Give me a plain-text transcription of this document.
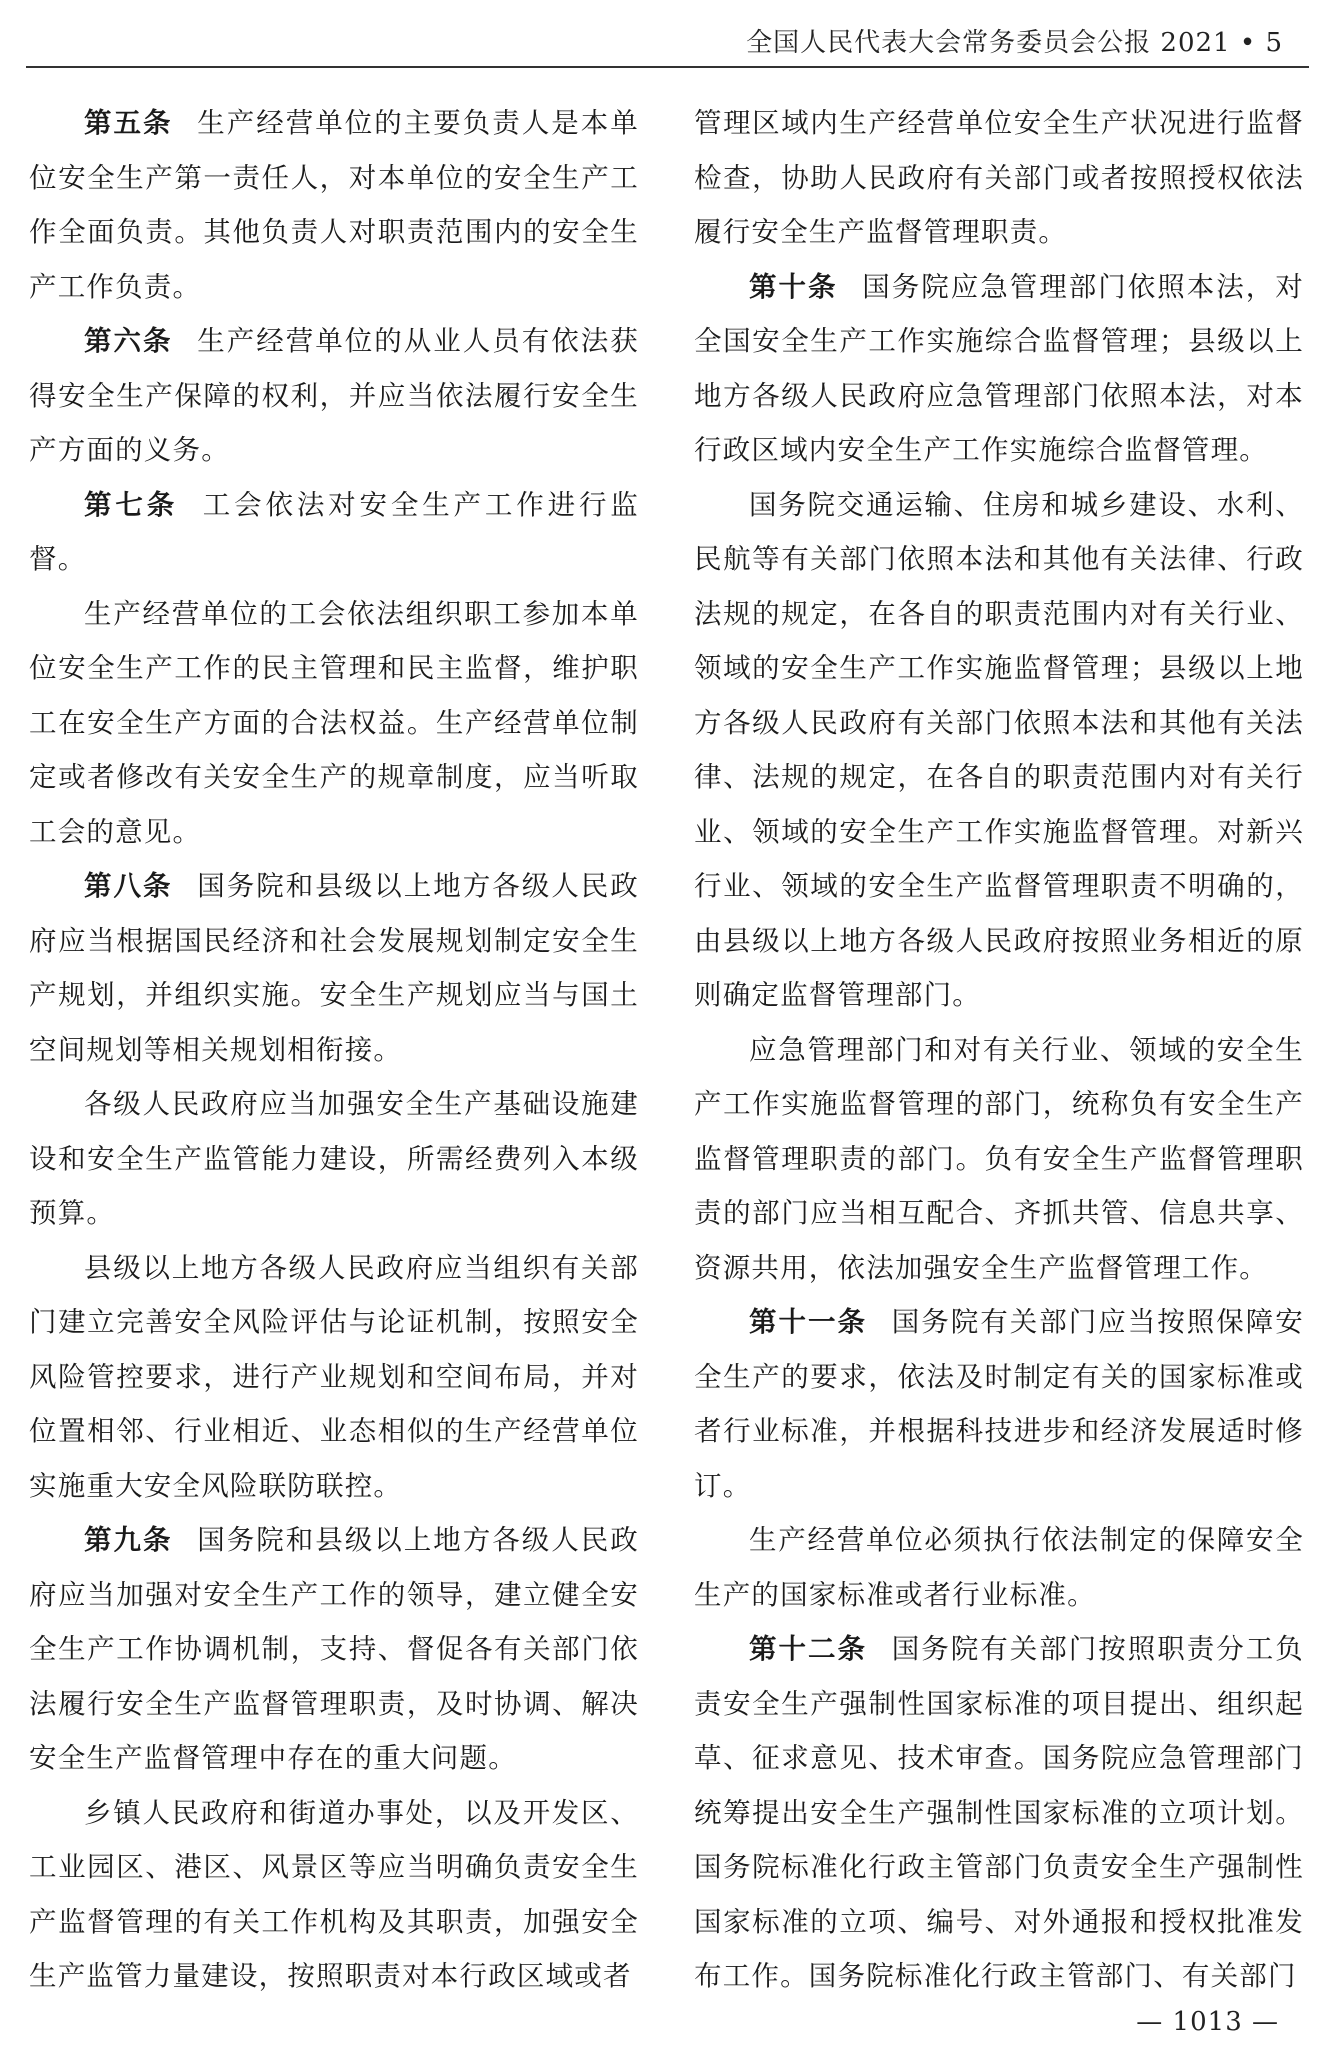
全国人民代表大会常务委员会公报 2021 • 5

第五条 生产经营单位的主要负责人是本单位安全生产第一责任人，对本单位的安全生产工作全面负责。其他负责人对职责范围内的安全生产工作负责。

第六条 生产经营单位的从业人员有依法获得安全生产保障的权利，并应当依法履行安全生产方面的义务。

第七条 工会依法对安全生产工作进行监督。

生产经营单位的工会依法组织职工参加本单位安全生产工作的民主管理和民主监督，维护职工在安全生产方面的合法权益。生产经营单位制定或者修改有关安全生产的规章制度，应当听取工会的意见。

第八条 国务院和县级以上地方各级人民政府应当根据国民经济和社会发展规划制定安全生产规划，并组织实施。安全生产规划应当与国土空间规划等相关规划相衔接。

各级人民政府应当加强安全生产基础设施建设和安全生产监管能力建设，所需经费列入本级预算。

县级以上地方各级人民政府应当组织有关部门建立完善安全风险评估与论证机制，按照安全风险管控要求，进行产业规划和空间布局，并对位置相邻、行业相近、业态相似的生产经营单位实施重大安全风险联防联控。

第九条 国务院和县级以上地方各级人民政府应当加强对安全生产工作的领导，建立健全安全生产工作协调机制，支持、督促各有关部门依法履行安全生产监督管理职责，及时协调、解决安全生产监督管理中存在的重大问题。

乡镇人民政府和街道办事处，以及开发区、工业园区、港区、风景区等应当明确负责安全生产监督管理的有关工作机构及其职责，加强安全生产监管力量建设，按照职责对本行政区域或者

管理区域内生产经营单位安全生产状况进行监督检查，协助人民政府有关部门或者按照授权依法履行安全生产监督管理职责。

第十条 国务院应急管理部门依照本法，对全国安全生产工作实施综合监督管理；县级以上地方各级人民政府应急管理部门依照本法，对本行政区域内安全生产工作实施综合监督管理。

国务院交通运输、住房和城乡建设、水利、民航等有关部门依照本法和其他有关法律、行政法规的规定，在各自的职责范围内对有关行业、领域的安全生产工作实施监督管理；县级以上地方各级人民政府有关部门依照本法和其他有关法律、法规的规定，在各自的职责范围内对有关行业、领域的安全生产工作实施监督管理。对新兴行业、领域的安全生产监督管理职责不明确的，由县级以上地方各级人民政府按照业务相近的原则确定监督管理部门。

应急管理部门和对有关行业、领域的安全生产工作实施监督管理的部门，统称负有安全生产监督管理职责的部门。负有安全生产监督管理职责的部门应当相互配合、齐抓共管、信息共享、资源共用，依法加强安全生产监督管理工作。

第十一条 国务院有关部门应当按照保障安全生产的要求，依法及时制定有关的国家标准或者行业标准，并根据科技进步和经济发展适时修订。

生产经营单位必须执行依法制定的保障安全生产的国家标准或者行业标准。

第十二条 国务院有关部门按照职责分工负责安全生产强制性国家标准的项目提出、组织起草、征求意见、技术审查。国务院应急管理部门统筹提出安全生产强制性国家标准的立项计划。国务院标准化行政主管部门负责安全生产强制性国家标准的立项、编号、对外通报和授权批准发布工作。国务院标准化行政主管部门、有关部门

— 1013 —
